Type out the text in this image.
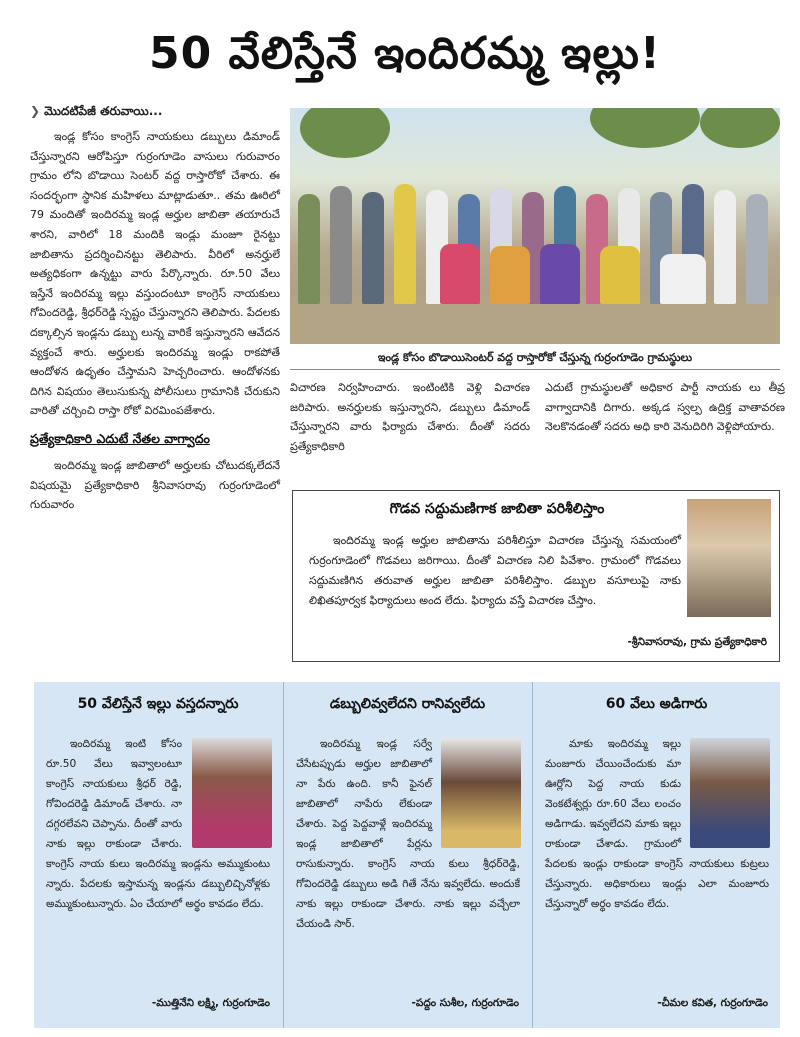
50 వేలిస్తేనే ఇందిరమ్మ ఇల్లు!
❯ మొదటిపేజీ తరువాయి...

ఇండ్ల కోసం కాంగ్రెస్ నాయకులు డబ్బులు డిమాండ్ చేస్తున్నారని ఆరోపిస్తూ గుర్రంగూడెం వాసులు గురువారం గ్రామం లోని బొడాయి సెంటర్ వద్ద రాస్తారోకో చేశారు. ఈ సందర్భంగా స్థానిక మహిళలు మాట్లాడుతూ.. తమ ఊరిలో 79 మందితో ఇందిరమ్మ ఇండ్ల అర్హుల జాబితా తయారుచే శారని, వారిలో 18 మందికి ఇండ్లు మంజూ రైనట్టు జాబితాను ప్రదర్శించినట్టు తెలిపారు. వీరిలో అనర్హులే అత్యధికంగా ఉన్నట్టు వారు పేర్కొన్నారు. రూ.50 వేలు ఇస్తేనే ఇందిరమ్మ ఇల్లు వస్తుందంటూ కాంగ్రెస్ నాయకులు గోవిందరెడ్డి, శ్రీధర్‌రెడ్డి స్పష్టం చేస్తున్నారని తెలిపారు. పేదలకు దక్కాల్సిన ఇండ్లను డబ్బు లున్న వారికే ఇస్తున్నారని ఆవేదన వ్యక్తంచే శారు. అర్హులకు ఇందిరమ్మ ఇండ్లు రాకపోతే ఆందోళన ఉధృతం చేస్తామని హెచ్చరించారు. ఆందోళనకు దిగిన విషయం తెలుసుకున్న పోలీసులు గ్రామానికి చేరుకుని వారితో చర్చించి రాస్తా రోకో విరమింపజేశారు.

ప్రత్యేకాధికారి ఎదుటే నేతల వాగ్వాదం

ఇందిరమ్మ ఇండ్ల జాబితాలో అర్హులకు చోటుదక్కలేదనే విషయమై ప్రత్యేకాధికారి శ్రీనివాసరావు గుర్రంగూడెంలో గురువారం

ఇండ్ల కోసం బొడాయిసెంటర్ వద్ద రాస్తారోకో చేస్తున్న గుర్రంగూడెం గ్రామస్థులు

విచారణ నిర్వహించారు. ఇంటింటికి వెళ్లి విచారణ జరిపారు. అనర్హులకు ఇస్తున్నారని, డబ్బులు డిమాండ్ చేస్తున్నారని వారు ఫిర్యాదు చేశారు. దీంతో సదరు ప్రత్యేకాధికారి

ఎదుటే గ్రామస్థులతో అధికార పార్టీ నాయకు లు తీవ్ర వాగ్వాదానికి దిగారు. అక్కడ స్వల్ప ఉద్రిక్త వాతావరణ నెలకొనడంతో సదరు అధి కారి వెనుదిరిగి వెళ్లిపోయారు.

గొడవ సద్దుమణిగాక జాబితా పరిశీలిస్తాం

ఇందిరమ్మ ఇండ్ల అర్హుల జాబితాను పరిశీలిస్తూ విచారణ చేస్తున్న సమయంలో గుర్రంగూడెంలో గొడవలు జరిగాయి. దీంతో విచారణ నిలి పివేశాం. గ్రామంలో గొడవలు సద్దుమణిగిన తరువాత అర్హుల జాబితా పరిశీలిస్తాం. డబ్బుల వసూలుపై నాకు లిఖితపూర్వక ఫిర్యాదులు అంద లేదు. ఫిర్యాదు వస్తే విచారణ చేస్తాం.

-శ్రీనివాసరావు, గ్రామ ప్రత్యేకాధికారి
50 వేలిస్తేనే ఇల్లు వస్తదన్నారు

ఇందిరమ్మ ఇంటి కోసం రూ.50 వేలు ఇవ్వాలంటూ కాంగ్రెస్ నాయకులు శ్రీధర్ రెడ్డి, గోవిందరెడ్డి డిమాండ్ చేశారు. నా దగ్గరలేవని చెప్పాను. దీంతో వారు నాకు ఇల్లు రాకుండా చేశారు. కాంగ్రెస్ నాయ కులు ఇందిరమ్మ ఇండ్లను అమ్ముకుంటు న్నారు. పేదలకు ఇస్తామన్న ఇండ్లను డబ్బులిచ్చినోళ్లకు అమ్ముకుంటున్నారు. ఏం చేయాలో అర్థం కావడం లేదు.

-ముత్తినేని లక్ష్మి, గుర్రంగూడెం
డబ్బులివ్వలేదని రానివ్వలేదు

ఇందిరమ్మ ఇండ్ల సర్వే చేసేటప్పుడు అర్హుల జాబితాలో నా పేరు ఉంది. కానీ ఫైనల్ జాబితాలో నాపేరు లేకుండా చేశారు. పెద్ద పెద్దవాళ్లే ఇందిరమ్మ ఇండ్ల జాబితాలో పేర్లను రాసుకున్నారు. కాంగ్రెస్ నాయ కులు శ్రీధర్‌రెడ్డి, గోవిందరెడ్డి డబ్బులు అడి గితే నేను ఇవ్వలేదు. అందుకే నాకు ఇల్లు రాకుండా చేశారు. నాకు ఇల్లు వచ్చేలా చేయండి సార్.

-పద్దం సుశీల, గుర్రంగూడెం
60 వేలు అడిగారు

మాకు ఇందిరమ్మ ఇల్లు మంజూరు చేయించేందుకు మా ఊర్లోని పెద్ద నాయ కుడు వెంకటేశ్వర్లు రూ.60 వేలు లంచం అడిగాడు. ఇవ్వలేదని మాకు ఇల్లు రాకుండా చేశాడు. గ్రామంలో పేదలకు ఇండ్లు రాకుండా కాంగ్రెస్ నాయకులు కుట్రలు చేస్తున్నారు. అధికారులు ఇండ్లు ఎలా మంజూరు చేస్తున్నారో అర్థం కావడం లేదు.

-చీమల కవిత, గుర్రంగూడెం
